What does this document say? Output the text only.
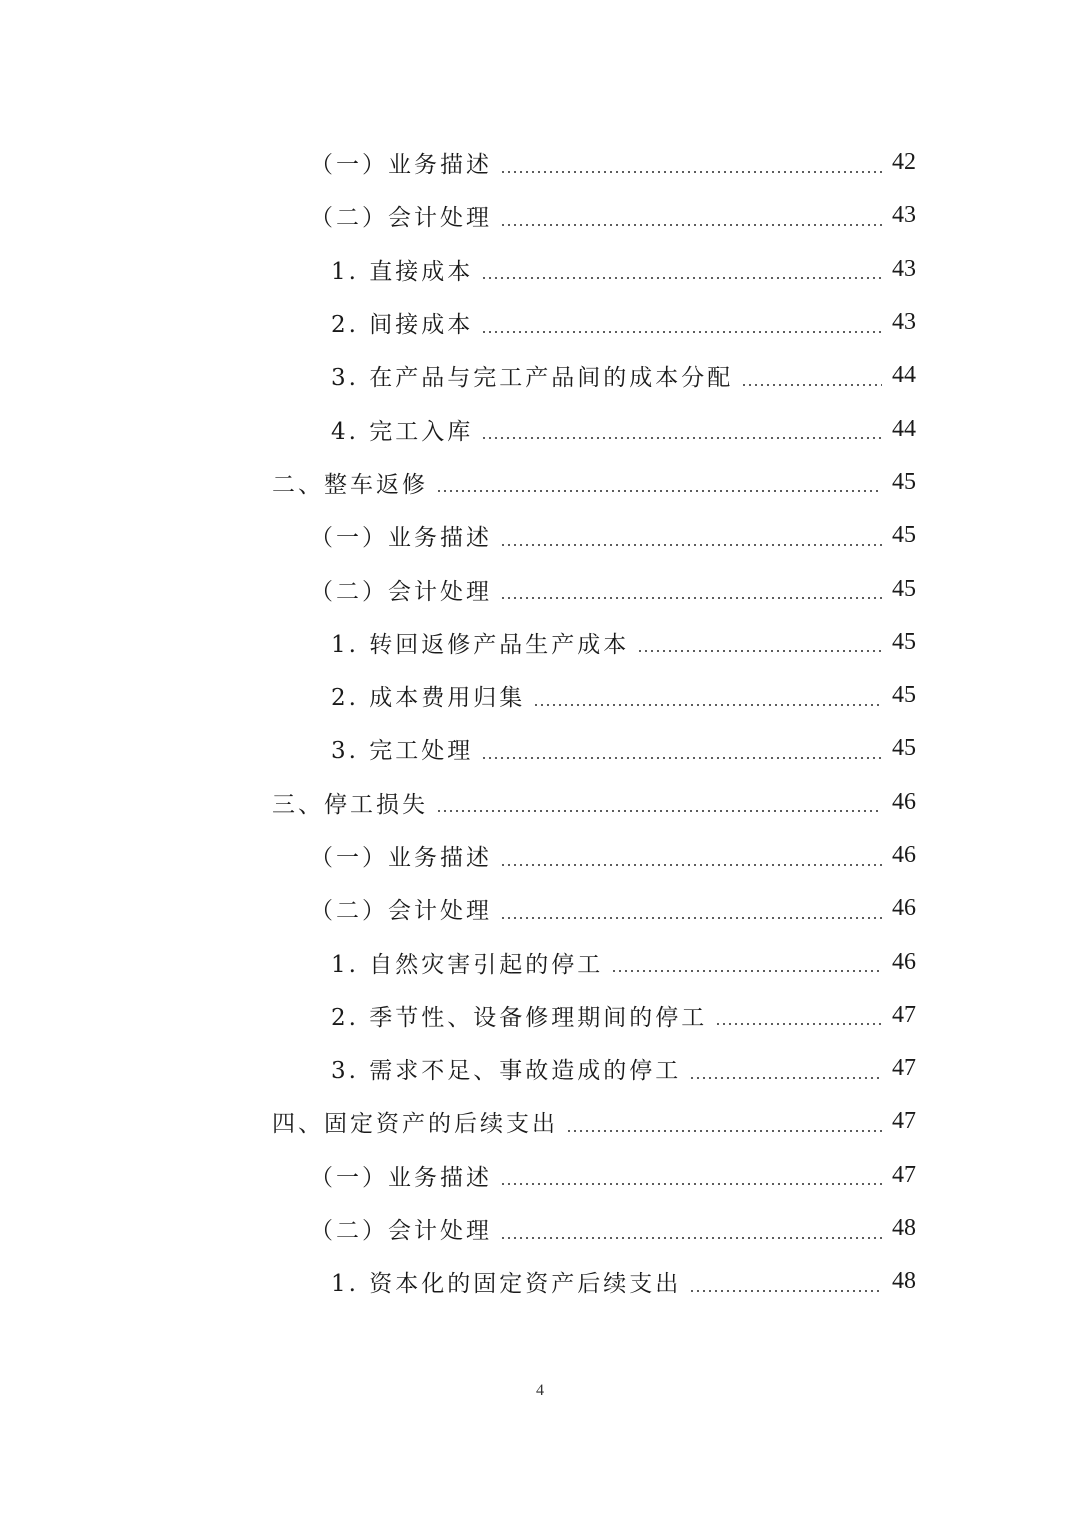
（一）业务描述	42
（二）会计处理	43
1. 直接成本	43
2. 间接成本	43
3. 在产品与完工产品间的成本分配	44
4. 完工入库	44
二、整车返修	45
（一）业务描述	45
（二）会计处理	45
1. 转回返修产品生产成本	45
2. 成本费用归集	45
3. 完工处理	45
三、停工损失	46
（一）业务描述	46
（二）会计处理	46
1. 自然灾害引起的停工	46
2. 季节性、设备修理期间的停工	47
3. 需求不足、事故造成的停工	47
四、固定资产的后续支出	47
（一）业务描述	47
（二）会计处理	48
1. 资本化的固定资产后续支出	48
4
